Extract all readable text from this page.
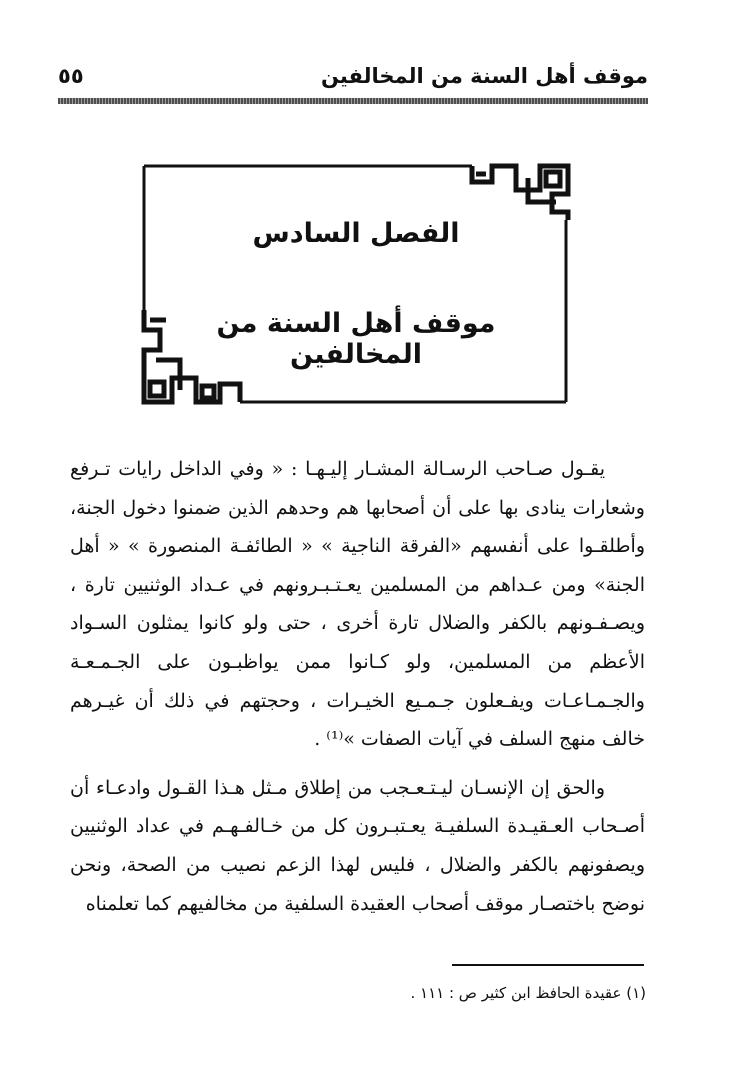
موقف أهل السنة من المخالفين
٥٥
الفصل السادس
موقف أهل السنة من المخالفين

يقـول صـاحب الرسـالة المشـار إليـهـا : « وفي الداخل رايات تـرفع وشعارات ينادى بها على أن أصحابها هم وحدهم الذين ضمنوا دخول الجنة، وأطلقـوا على أنفسهم «الفرقة الناجية » « الطائفـة المنصورة » « أهل الجنة» ومن عـداهم من المسلمين يعـتـبـرونهم في عـداد الوثنيين تارة ، ويصـفـونهم بالكفر والضلال تارة أخرى ، حتى ولو كانوا يمثلون السـواد الأعظم من المسلمين، ولو كـانوا ممن يواظبـون على الجـمـعـة والجـمـاعـات ويفـعلون جـمـيع الخيـرات ، وحجتهم في ذلك أن غيـرهم خالف منهج السلف في آيات الصفات »⁽¹⁾ .

والحق إن الإنسـان ليـتـعـجب من إطلاق مـثل هـذا القـول وادعـاء أن أصـحاب العـقيـدة السلفيـة يعـتبـرون كل من خـالفـهـم في عداد الوثنيين ويصفونهم بالكفر والضلال ، فليس لهذا الزعم نصيب من الصحة، ونحن نوضح باختصـار موقف أصحاب العقيدة السلفية من مخالفيهم كما تعلمناه

(١) عقيدة الحافظ ابن كثير ص : ١١١ .
